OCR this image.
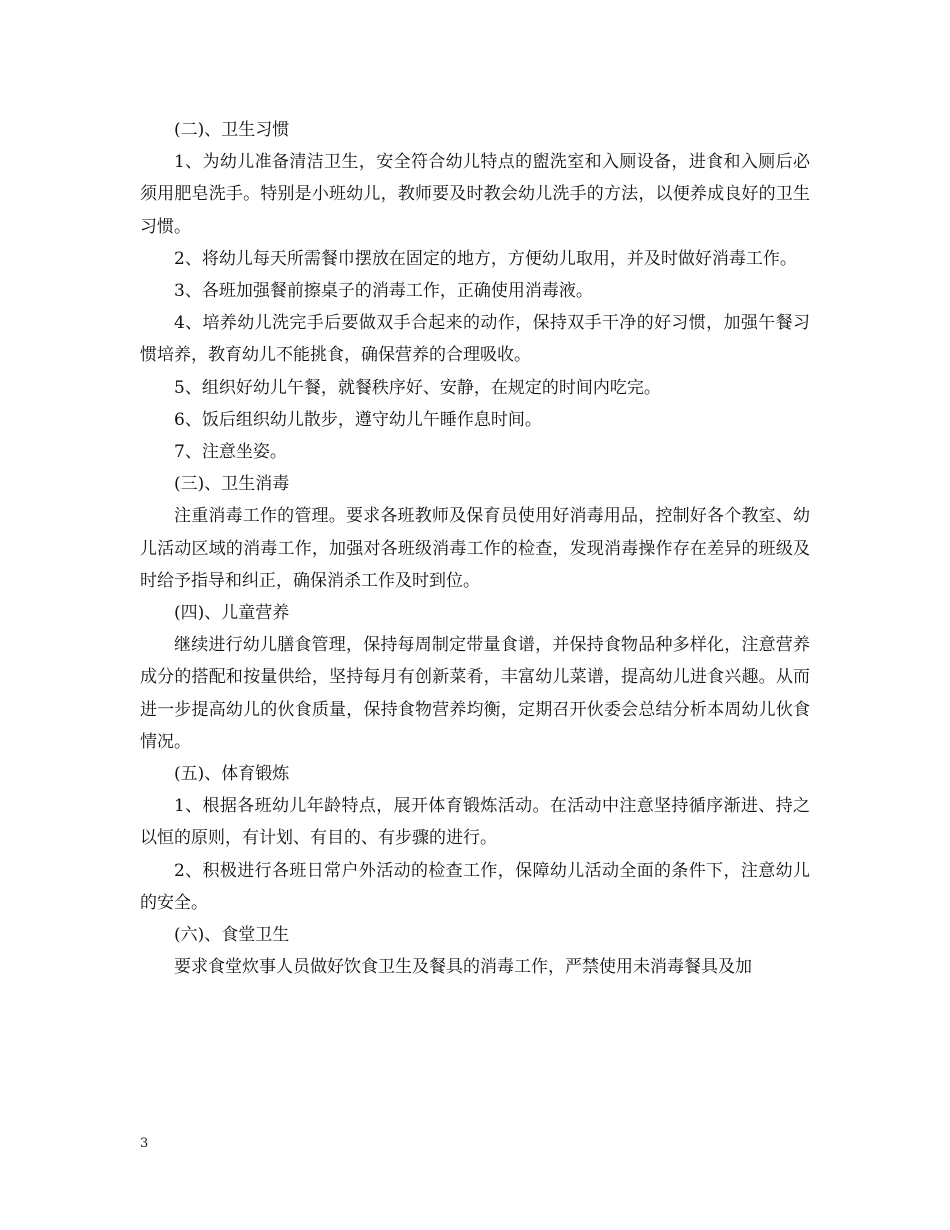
(二)、卫生习惯

1、为幼儿准备清洁卫生，安全符合幼儿特点的盥洗室和入厕设备，进食和入厕后必须用肥皂洗手。特别是小班幼儿，教师要及时教会幼儿洗手的方法，以便养成良好的卫生习惯。

2、将幼儿每天所需餐巾摆放在固定的地方，方便幼儿取用，并及时做好消毒工作。

3、各班加强餐前擦桌子的消毒工作，正确使用消毒液。

4、培养幼儿洗完手后要做双手合起来的动作，保持双手干净的好习惯，加强午餐习惯培养，教育幼儿不能挑食，确保营养的合理吸收。

5、组织好幼儿午餐，就餐秩序好、安静，在规定的时间内吃完。

6、饭后组织幼儿散步，遵守幼儿午睡作息时间。

7、注意坐姿。

(三)、卫生消毒

注重消毒工作的管理。要求各班教师及保育员使用好消毒用品，控制好各个教室、幼儿活动区域的消毒工作，加强对各班级消毒工作的检查，发现消毒操作存在差异的班级及时给予指导和纠正，确保消杀工作及时到位。

(四)、儿童营养

继续进行幼儿膳食管理，保持每周制定带量食谱，并保持食物品种多样化，注意营养成分的搭配和按量供给，坚持每月有创新菜肴，丰富幼儿菜谱，提高幼儿进食兴趣。从而进一步提高幼儿的伙食质量，保持食物营养均衡，定期召开伙委会总结分析本周幼儿伙食情况。

(五)、体育锻炼

1、根据各班幼儿年龄特点，展开体育锻炼活动。在活动中注意坚持循序渐进、持之以恒的原则，有计划、有目的、有步骤的进行。

2、积极进行各班日常户外活动的检查工作，保障幼儿活动全面的条件下，注意幼儿的安全。

(六)、食堂卫生

要求食堂炊事人员做好饮食卫生及餐具的消毒工作，严禁使用未消毒餐具及加

3
